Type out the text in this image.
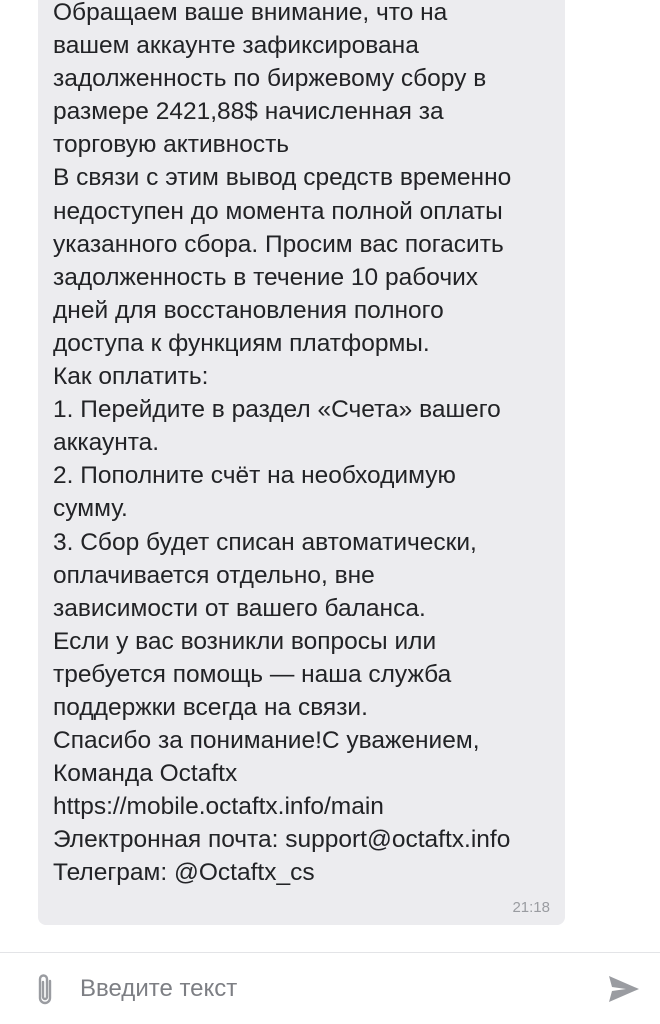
Обращаем ваше внимание, что на
вашем аккаунте зафиксирована
задолженность по биржевому сбору в
размере 2421,88$ начисленная за
торговую активность
В связи с этим вывод средств временно
недоступен до момента полной оплаты
указанного сбора. Просим вас погасить
задолженность в течение 10 рабочих
дней для восстановления полного
доступа к функциям платформы.
Как оплатить:
1. Перейдите в раздел «Счета» вашего
аккаунта.
2. Пополните счёт на необходимую
сумму.
3. Сбор будет списан автоматически,
оплачивается отдельно, вне
зависимости от вашего баланса.
Если у вас возникли вопросы или
требуется помощь — наша служба
поддержки всегда на связи.
Спасибо за понимание!С уважением,
Команда Octaftx
https://mobile.octaftx.info/main
Электронная почта: support@octaftx.info
Телеграм: @Octaftx_cs
21:18
Введите текст
